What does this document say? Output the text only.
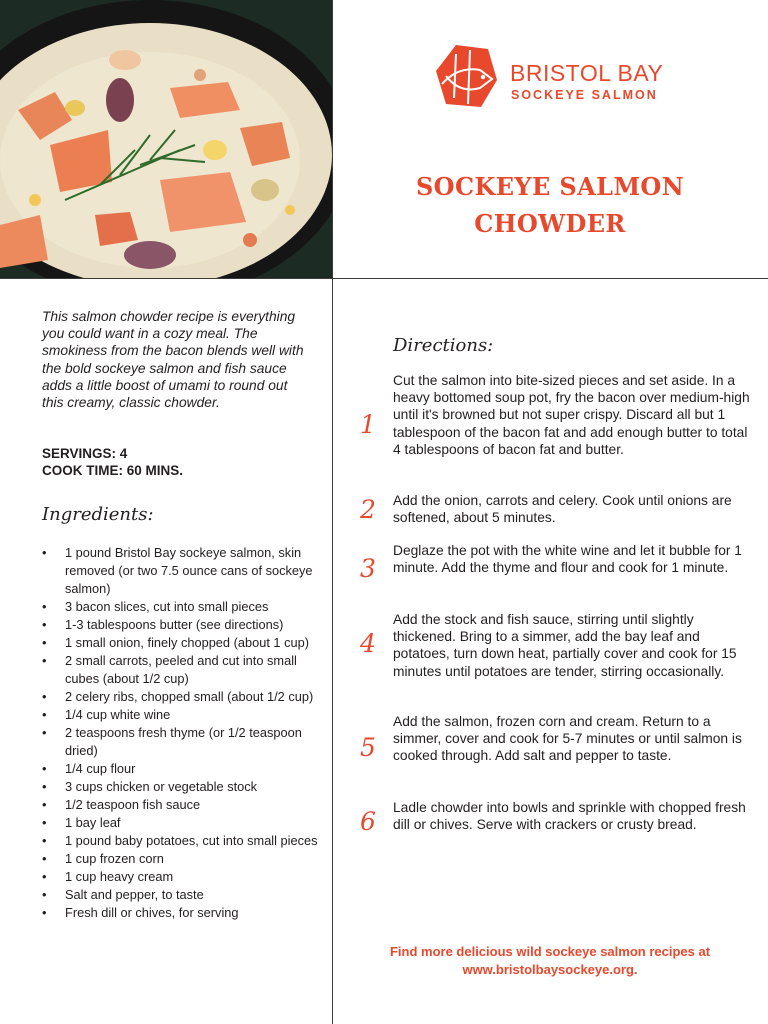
BRISTOL BAY
SOCKEYE SALMON
SOCKEYE SALMON
CHOWDER
This salmon chowder recipe is everything you could want in a cozy meal. The smokiness from the bacon blends well with the bold sockeye salmon and fish sauce adds a little boost of umami to round out this creamy, classic chowder.
SERVINGS: 4
COOK TIME: 60 MINS.
Ingredients:
• 1 pound Bristol Bay sockeye salmon, skin removed (or two 7.5 ounce cans of sockeye salmon)
• 3 bacon slices, cut into small pieces
• 1-3 tablespoons butter (see directions)
• 1 small onion, finely chopped (about 1 cup)
• 2 small carrots, peeled and cut into small cubes (about 1/2 cup)
• 2 celery ribs, chopped small (about 1/2 cup)
• 1/4 cup white wine
• 2 teaspoons fresh thyme (or 1/2 teaspoon dried)
• 1/4 cup flour
• 3 cups chicken or vegetable stock
• 1/2 teaspoon fish sauce
• 1 bay leaf
• 1 pound baby potatoes, cut into small pieces
• 1 cup frozen corn
• 1 cup heavy cream
• Salt and pepper, to taste
• Fresh dill or chives, for serving
Directions:
1
Cut the salmon into bite-sized pieces and set aside. In a heavy bottomed soup pot, fry the bacon over medium-high until it's browned but not super crispy. Discard all but 1 tablespoon of the bacon fat and add enough butter to total 4 tablespoons of bacon fat and butter.
2	Add the onion, carrots and celery. Cook until onions are softened, about 5 minutes.
3
Deglaze the pot with the white wine and let it bubble for 1 minute. Add the thyme and flour and cook for 1 minute.
4
Add the stock and fish sauce, stirring until slightly thickened. Bring to a simmer, add the bay leaf and potatoes, turn down heat, partially cover and cook for 15 minutes until potatoes are tender, stirring occasionally.
5
Add the salmon, frozen corn and cream. Return to a simmer, cover and cook for 5-7 minutes or until salmon is cooked through. Add salt and pepper to taste.
6	Ladle chowder into bowls and sprinkle with chopped fresh dill or chives. Serve with crackers or crusty bread.
Find more delicious wild sockeye salmon recipes at
www.bristolbaysockeye.org.
